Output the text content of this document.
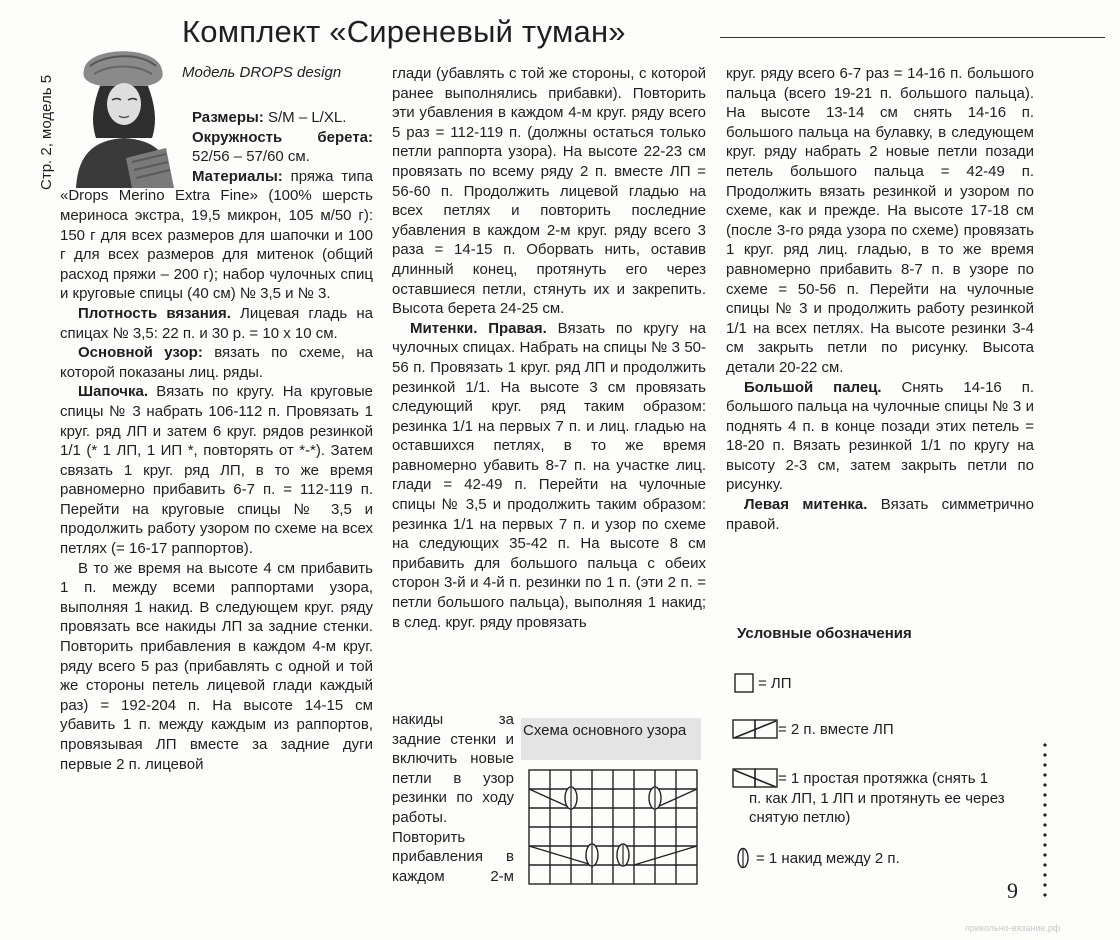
Комплект «Сиреневый туман»
Стр. 2, модель 5
Модель DROPS design

Размеры: S/M – L/XL.

Окружность берета: 52/56 – 57/60 см.

Материалы: пряжа типа «Drops Merino Extra Fine» (100% шерсть мериноса экстра, 19,5 микрон, 105 м/50 г): 150 г для всех размеров для шапочки и 100 г для всех размеров для митенок (общий расход пряжи – 200 г); набор чулочных спиц и круговые спицы (40 см) № 3,5 и № 3.

Плотность вязания. Лицевая гладь на спицах № 3,5: 22 п. и 30 р. = 10 х 10 см.

Основной узор: вязать по схеме, на которой показаны лиц. ряды.

Шапочка. Вязать по кругу. На круговые спицы № 3 набрать 106-112 п. Провязать 1 круг. ряд ЛП и затем 6 круг. рядов резинкой 1/1 (* 1 ЛП, 1 ИП *, повторять от *-*). Затем связать 1 круг. ряд ЛП, в то же время равномерно прибавить 6-7 п. = 112-119 п. Перейти на круговые спицы № 3,5 и продолжить работу узором по схеме на всех петлях (= 16-17 раппортов).

В то же время на высоте 4 см прибавить 1 п. между всеми раппортами узора, выполняя 1 накид. В следующем круг. ряду провязать все накиды ЛП за задние стенки. Повторить прибавления в каждом 4-м круг. ряду всего 5 раз (прибавлять с одной и той же стороны петель лицевой глади каждый раз) = 192-204 п. На высоте 14-15 см убавить 1 п. между каждым из раппортов, провязывая ЛП вместе за задние дуги первые 2 п. лицевой

глади (убавлять с той же стороны, с которой ранее выполнялись прибавки). Повторить эти убавления в каждом 4-м круг. ряду всего 5 раз = 112-119 п. (должны остаться только петли раппорта узора). На высоте 22-23 см провязать по всему ряду 2 п. вместе ЛП = 56-60 п. Продолжить лицевой гладью на всех петлях и повторить последние убавления в каждом 2-м круг. ряду всего 3 раза = 14-15 п. Оборвать нить, оставив длинный конец, протянуть его через оставшиеся петли, стянуть их и закрепить. Высота берета 24-25 см.

Митенки. Правая. Вязать по кругу на чулочных спицах. Набрать на спицы № 3 50-56 п. Провязать 1 круг. ряд ЛП и продолжить резинкой 1/1. На высоте 3 см провязать следующий круг. ряд таким образом: резинка 1/1 на первых 7 п. и лиц. гладью на оставшихся петлях, в то же время равномерно убавить 8-7 п. на участке лиц. глади = 42-49 п. Перейти на чулочные спицы № 3,5 и продолжить таким образом: резинка 1/1 на первых 7 п. и узор по схеме на следующих 35-42 п. На высоте 8 см прибавить для большого пальца с обеих сторон 3-й и 4-й п. резинки по 1 п. (эти 2 п. = петли большого пальца), выполняя 1 накид; в след. круг. ряду провязать

накиды за задние стенки и включить новые петли в узор резинки по ходу работы. Повторить прибавления в каждом 2-м

Схема основного узора

круг. ряду всего 6-7 раз = 14-16 п. большого пальца (всего 19-21 п. большого пальца). На высоте 13-14 см снять 14-16 п. большого пальца на булавку, в следующем круг. ряду набрать 2 новые петли позади петель большого пальца = 42-49 п. Продолжить вязать резинкой и узором по схеме, как и прежде. На высоте 17-18 см (после 3-го ряда узора по схеме) провязать 1 круг. ряд лиц. гладью, в то же время равномерно прибавить 8-7 п. в узоре по схеме = 50-56 п. Перейти на чулочные спицы № 3 и продолжить работу резинкой 1/1 на всех петлях. На высоте резинки 3-4 см закрыть петли по рисунку. Высота детали 20-22 см.

Большой палец. Снять 14-16 п. большого пальца на чулочные спицы № 3 и поднять 4 п. в конце позади этих петель = 18-20 п. Вязать резинкой 1/1 по кругу на высоту 2-3 см, затем закрыть петли по рисунку.

Левая митенка. Вязать симметрично правой.

Условные обозначения
= ЛП
= 2 п. вместе ЛП
= 1 простая протяжка (снять 1
п. как ЛП, 1 ЛП и протянуть ее через
снятую петлю)
= 1 накид между 2 п.
9
прикольно-вязание.рф
